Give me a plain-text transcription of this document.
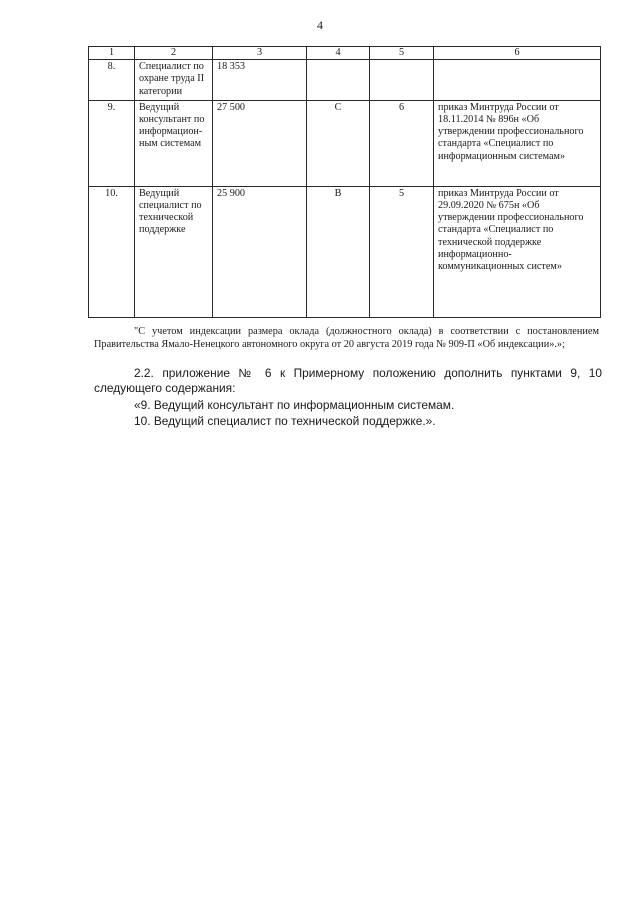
4
1	2	3	4	5	6
8.	Специалист по охране труда II категории	18 353			
9.	Ведущий консультант по информацион-ным системам	27 500	C	6	приказ Минтруда России от 18.11.2014 № 896н «Об утверждении профессионального стандарта «Специалист по информационным системам»
10.	Ведущий специалист по технической поддержке	25 900	B	5	приказ Минтруда России от 29.09.2020 № 675н «Об утверждении профессионального стандарта «Специалист по технической поддержке информационно-коммуникационных систем»
"С учетом индексации размера оклада (должностного оклада) в соответствии с постановлением Правительства Ямало-Ненецкого автономного округа от 20 августа 2019 года № 909-П «Об индексации».»;
2.2. приложение № 6 к Примерному положению дополнить пунктами 9, 10 следующего содержания:
«9. Ведущий консультант по информационным системам.
10. Ведущий специалист по технической поддержке.».
